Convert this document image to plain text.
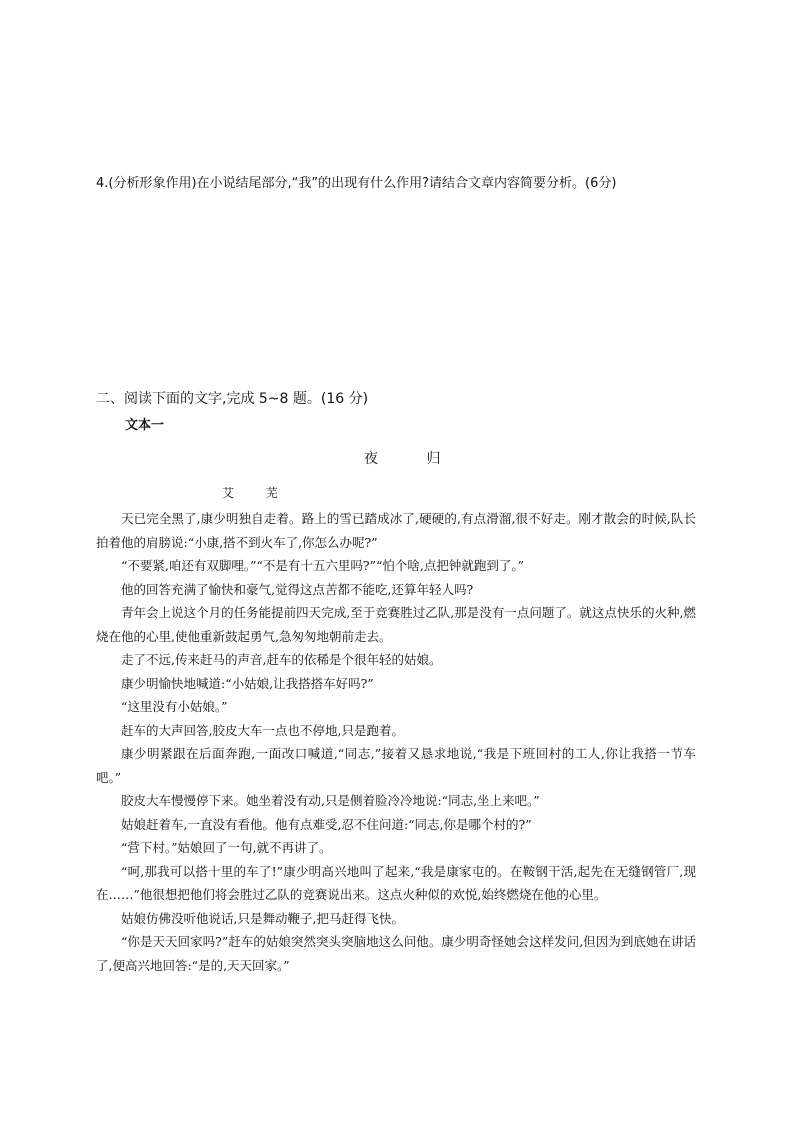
4.(分析形象作用)在小说结尾部分,“我”的出现有什么作用?请结合文章内容简要分析。(6分)
二、阅读下面的文字,完成 5~8 题。(16 分)
文本一
夜 归
艾 芜

天已完全黑了,康少明独自走着。路上的雪已踏成冰了,硬硬的,有点滑溜,很不好走。刚才散会的时候,队长拍着他的肩膀说:“小康,搭不到火车了,你怎么办呢?”

“不要紧,咱还有双脚哩。”“不是有十五六里吗?”“怕个啥,点把钟就跑到了。”

他的回答充满了愉快和豪气,觉得这点苦都不能吃,还算年轻人吗?

青年会上说这个月的任务能提前四天完成,至于竞赛胜过乙队,那是没有一点问题了。就这点快乐的火种,燃烧在他的心里,使他重新鼓起勇气,急匆匆地朝前走去。

走了不远,传来赶马的声音,赶车的依稀是个很年轻的姑娘。

康少明愉快地喊道:“小姑娘,让我搭搭车好吗?”

“这里没有小姑娘。”

赶车的大声回答,胶皮大车一点也不停地,只是跑着。

康少明紧跟在后面奔跑,一面改口喊道,“同志,”接着又恳求地说,“我是下班回村的工人,你让我搭一节车吧。”

胶皮大车慢慢停下来。她坐着没有动,只是侧着脸冷冷地说:“同志,坐上来吧。”

姑娘赶着车,一直没有看他。他有点难受,忍不住问道:“同志,你是哪个村的?”

“营下村。”姑娘回了一句,就不再讲了。

“呵,那我可以搭十里的车了!”康少明高兴地叫了起来,“我是康家屯的。在鞍钢干活,起先在无缝钢管厂,现在……”他很想把他们将会胜过乙队的竞赛说出来。这点火种似的欢悦,始终燃烧在他的心里。

姑娘仿佛没听他说话,只是舞动鞭子,把马赶得飞快。

“你是天天回家吗?”赶车的姑娘突然突头突脑地这么问他。康少明奇怪她会这样发问,但因为到底她在讲话了,便高兴地回答:“是的,天天回家。”
